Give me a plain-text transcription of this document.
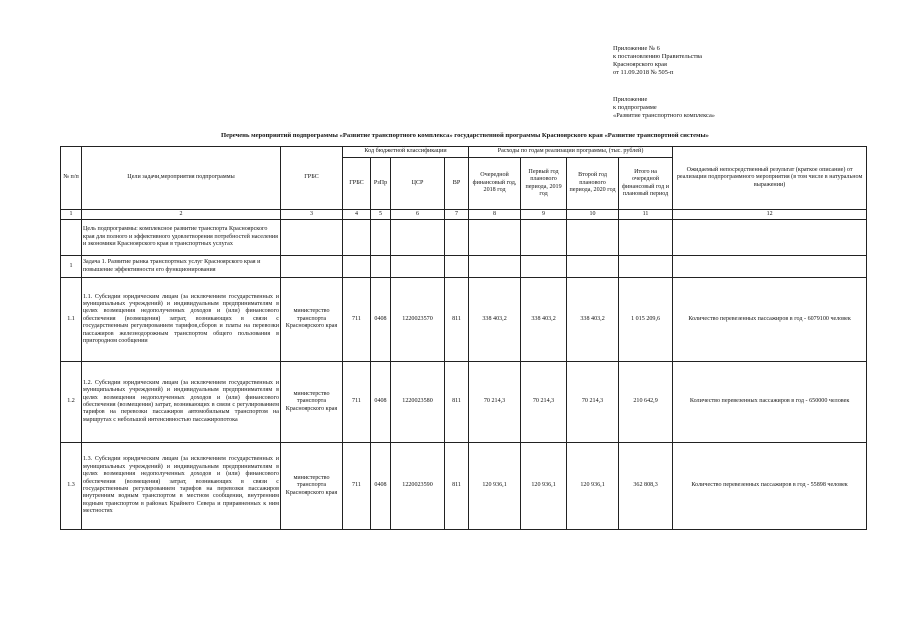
Приложение № 6
к постановлению Правительства
Красноярского края
от 11.09.2018 № 505-п
Приложение
к подпрограмме
«Развитие транспортного комплекса»
Перечень мероприятий подпрограммы «Развитие транспортного комплекса» государственной программы Красноярского края «Развитие транспортной системы»
№ п/п	Цели задачи,мероприятия подпрограммы	ГРБС	Код бюджетной классификации				Расходы по годам реализации программы, (тыс. рублей)				Ожидаемый непосредственный результат (краткое описание) от реализации подпрограммного мероприятия (в том числе в натуральном выражении)
			ГРБС	РзПр	ЦСР	ВР	Очередной финансовый год, 2018 год	Первый год планового периода, 2019 год	Второй год планового периода, 2020 год	Итого на очередной финансовый год и плановый период	
1	2	3	4	5	6	7	8	9	10	11	12
	Цель подпрограммы: комплексное развитие транспорта Красноярского края для полного и эффективного удовлетворения потребностей населения и экономики Красноярского края в транспортных услугах										
1	Задача 1. Развитие рынка транспортных услуг Красноярского края и повышение эффективности его функционирования										
1.1	1.1. Субсидии юридическим лицам (за исключением государственных и муниципальных учреждений) и индивидуальным предпринимателям в целях возмещения недополученных доходов и (или) финансового обеспечения (возмещения) затрат, возникающих в связи с государственным регулированием тарифов,сборов и платы на перевозки пассажиров железнодорожным транспортом общего пользования в пригородном сообщении	министерство транспорта Красноярского края	711	0408	1220023570	811	338 403,2	338 403,2	338 403,2	1 015 209,6	Количество перевезенных пассажиров в год - 6079100 человек
1.2	1.2. Субсидии юридическим лицам (за исключением государственных и муниципальных учреждений) и индивидуальным предпринимателям в целях возмещения недополученных доходов и (или) финансового обеспечения (возмещения) затрат, возникающих в связи с регулированием тарифов на перевозки пассажиров автомобильным транспортом на маршрутах с небольшой интенсивностью пассажиропотока	министерство транспорта Красноярского края	711	0408	1220023580	811	70 214,3	70 214,3	70 214,3	210 642,9	Количество перевезенных пассажиров в год - 650000 человек
1.3	1.3. Субсидии юридическим лицам (за исключением государственных и муниципальных учреждений) и индивидуальным предпринимателям в целях возмещения недополученных доходов и (или) финансового обеспечения (возмещения) затрат, возникающих в связи с государственным регулированием тарифов на перевозки пассажиров внутренним водным транспортом в местном сообщении, внутренним водным транспортом в районах Крайнего Севера и приравненных к ним местностях	министерство транспорта Красноярского края	711	0408	1220023590	811	120 936,1	120 936,1	120 936,1	362 808,3	Количество перевезенных пассажиров в год - 55898 человек
